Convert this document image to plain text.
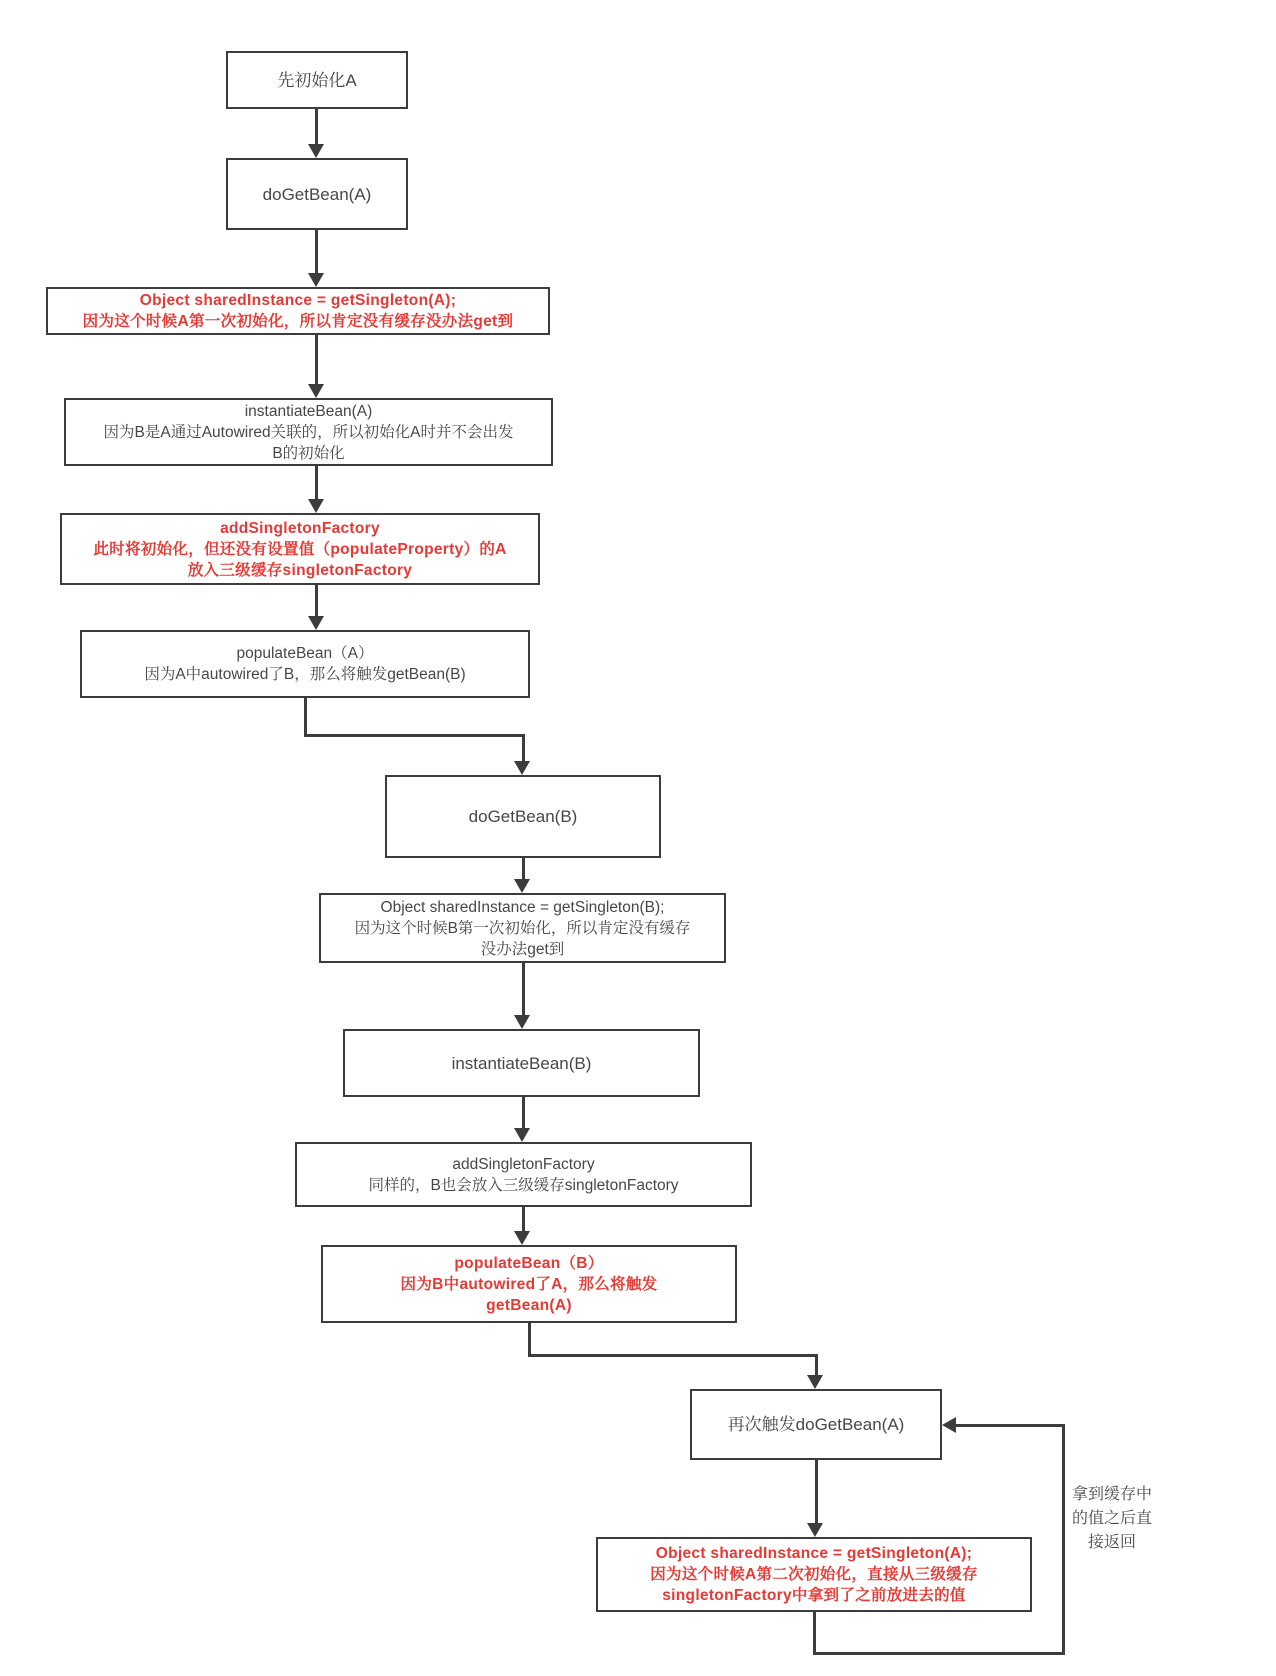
先初始化A
doGetBean(A)
Object sharedInstance = getSingleton(A);
因为这个时候A第一次初始化，所以肯定没有缓存没办法get到
instantiateBean(A)
因为B是A通过Autowired关联的，所以初始化A时并不会出发
B的初始化
addSingletonFactory
此时将初始化，但还没有设置值（populateProperty）的A
放入三级缓存singletonFactory
populateBean（A）
因为A中autowired了B，那么将触发getBean(B)
doGetBean(B)
Object sharedInstance = getSingleton(B);
因为这个时候B第一次初始化，所以肯定没有缓存
没办法get到
instantiateBean(B)
addSingletonFactory
同样的，B也会放入三级缓存singletonFactory
populateBean（B）
因为B中autowired了A，那么将触发
getBean(A)
再次触发doGetBean(A)
Object sharedInstance = getSingleton(A);
因为这个时候A第二次初始化，直接从三级缓存
singletonFactory中拿到了之前放进去的值
拿到缓存中的值之后直接返回
